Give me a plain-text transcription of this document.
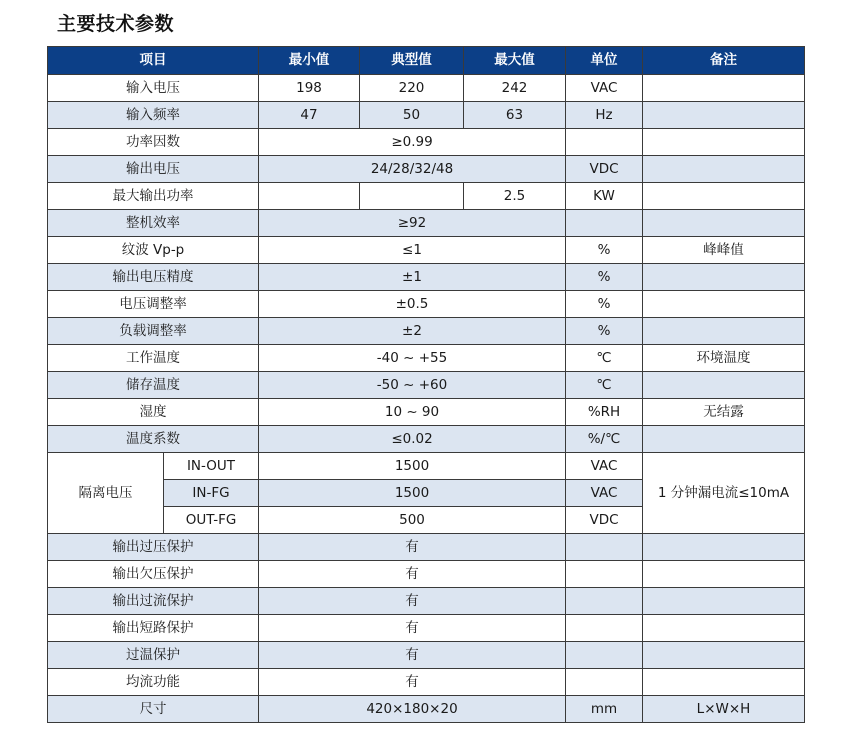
主要技术参数
项目		最小值	典型值	最大值	单位	备注
输入电压		198	220	242	VAC	
输入频率		47	50	63	Hz	
功率因数		≥0.99				
输出电压		24/28/32/48			VDC	
最大输出功率				2.5	KW	
整机效率		≥92				
纹波 Vp-p		≤1			%	峰峰值
输出电压精度		±1			%	
电压调整率		±0.5			%	
负载调整率		±2			%	
工作温度		-40 ~ +55			℃	环境温度
储存温度		-50 ~ +60			℃	
湿度		10 ~ 90			%RH	无结露
温度系数		≤0.02			%/℃	
隔离电压	IN-OUT	1500			VAC	1 分钟漏电流≤10mA
	IN-FG	1500			VAC	
	OUT-FG	500			VDC	
输出过压保护		有				
输出欠压保护		有				
输出过流保护		有				
输出短路保护		有				
过温保护		有				
均流功能		有				
尺寸		420×180×20			mm	L×W×H
